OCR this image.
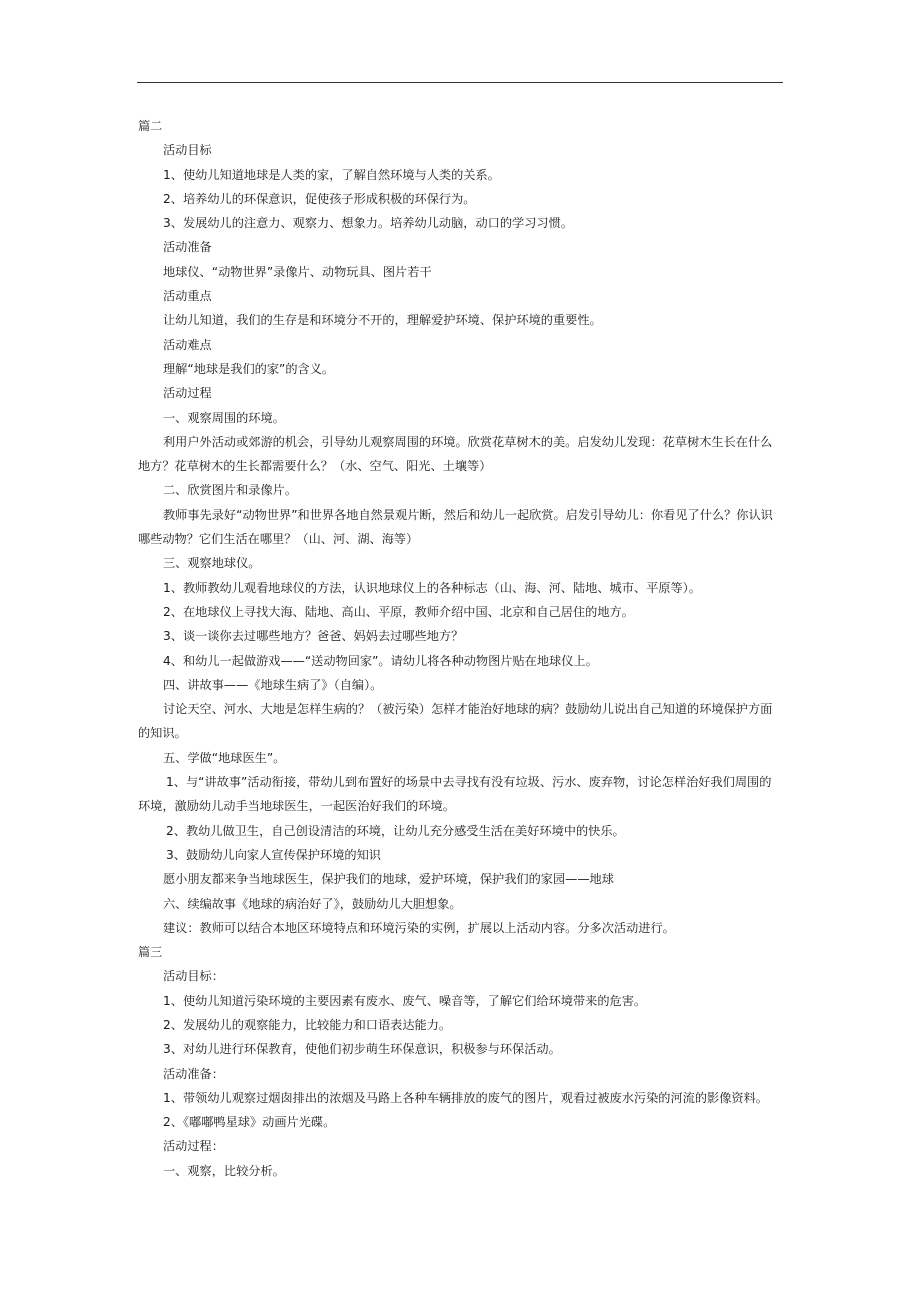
篇二
活动目标
1、使幼儿知道地球是人类的家，了解自然环境与人类的关系。
2、培养幼儿的环保意识，促使孩子形成积极的环保行为。
3、发展幼儿的注意力、观察力、想象力。培养幼儿动脑，动口的学习习惯。
活动准备
地球仪、“动物世界”录像片、动物玩具、图片若干
活动重点
让幼儿知道，我们的生存是和环境分不开的，理解爱护环境、保护环境的重要性。
活动难点
理解“地球是我们的家”的含义。
活动过程
一、观察周围的环境。
利用户外活动或郊游的机会，引导幼儿观察周围的环境。欣赏花草树木的美。启发幼儿发现：花草树木生长在什么
地方？花草树木的生长都需要什么？（水、空气、阳光、土壤等）
二、欣赏图片和录像片。
教师事先录好“动物世界”和世界各地自然景观片断，然后和幼儿一起欣赏。启发引导幼儿：你看见了什么？你认识
哪些动物？它们生活在哪里？（山、河、湖、海等）
三、观察地球仪。
1、教师教幼儿观看地球仪的方法，认识地球仪上的各种标志（山、海、河、陆地、城市、平原等）。
2、在地球仪上寻找大海、陆地、高山、平原，教师介绍中国、北京和自己居住的地方。
3、谈一谈你去过哪些地方？爸爸、妈妈去过哪些地方？
4、和幼儿一起做游戏——“送动物回家”。请幼儿将各种动物图片贴在地球仪上。
四、讲故事——《地球生病了》（自编）。
讨论天空、河水、大地是怎样生病的？（被污染）怎样才能治好地球的病？鼓励幼儿说出自己知道的环境保护方面
的知识。
五、学做“地球医生”。
1、与“讲故事”活动衔接，带幼儿到布置好的场景中去寻找有没有垃圾、污水、废弃物，讨论怎样治好我们周围的
环境，激励幼儿动手当地球医生，一起医治好我们的环境。
2、教幼儿做卫生，自己创设清洁的环境，让幼儿充分感受生活在美好环境中的快乐。
3、鼓励幼儿向家人宣传保护环境的知识
愿小朋友都来争当地球医生，保护我们的地球，爱护环境，保护我们的家园——地球
六、续编故事《地球的病治好了》，鼓励幼儿大胆想象。
建议：教师可以结合本地区环境特点和环境污染的实例，扩展以上活动内容。分多次活动进行。
篇三
活动目标：
1、使幼儿知道污染环境的主要因素有废水、废气、噪音等，了解它们给环境带来的危害。
2、发展幼儿的观察能力，比较能力和口语表达能力。
3、对幼儿进行环保教育，使他们初步萌生环保意识，积极参与环保活动。
活动准备：
1、带领幼儿观察过烟囱排出的浓烟及马路上各种车辆排放的废气的图片，观看过被废水污染的河流的影像资料。
2、《嘟嘟鸭星球》动画片光碟。
活动过程：
一、观察，比较分析。
